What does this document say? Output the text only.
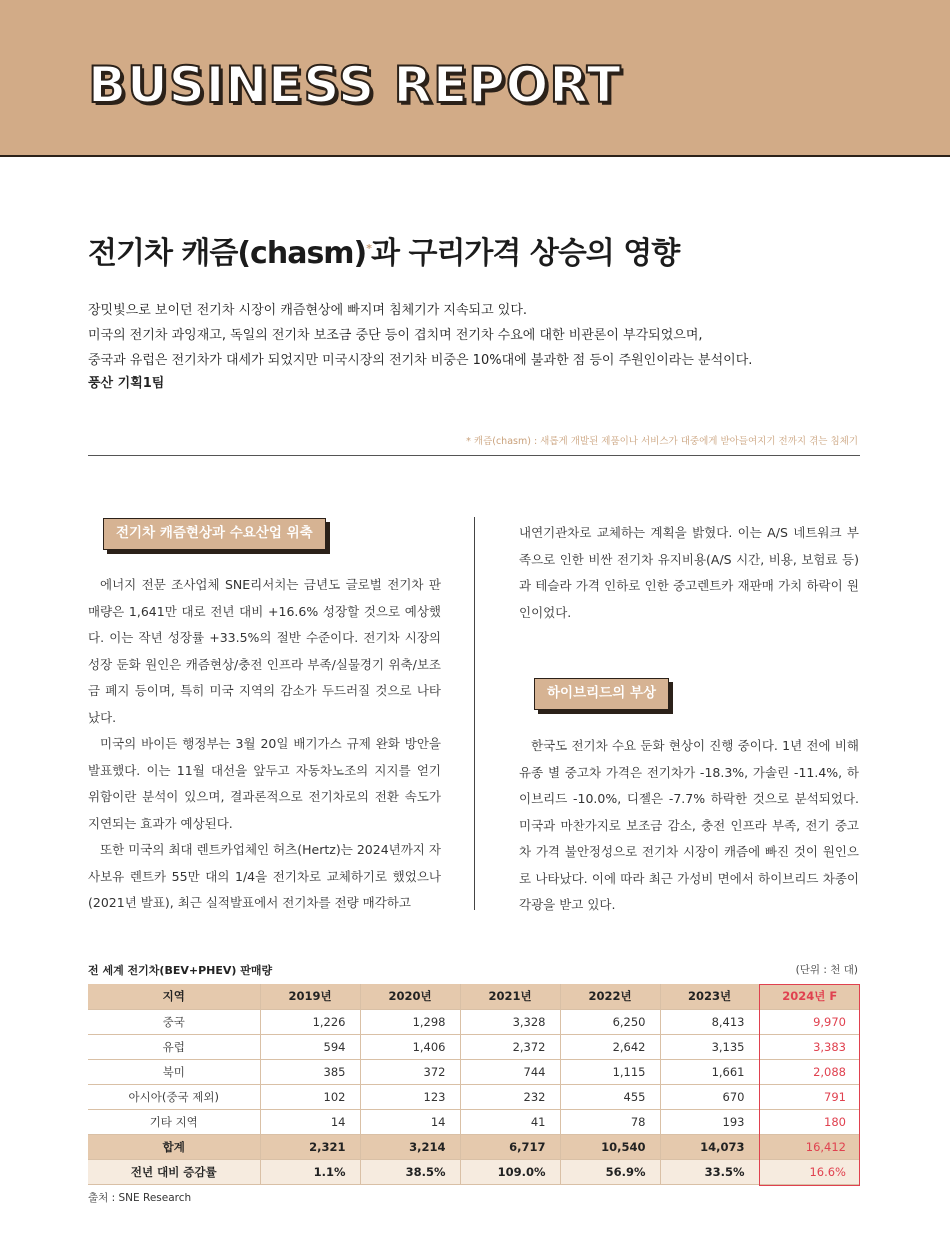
BUSINESS REPORT
전기차 캐즘(chasm)*과 구리가격 상승의 영향
장밋빛으로 보이던 전기차 시장이 캐즘현상에 빠지며 침체기가 지속되고 있다.
미국의 전기차 과잉재고, 독일의 전기차 보조금 중단 등이 겹치며 전기차 수요에 대한 비관론이 부각되었으며,
중국과 유럽은 전기차가 대세가 되었지만 미국시장의 전기차 비중은 10%대에 불과한 점 등이 주원인이라는 분석이다.
풍산 기획1팀
* 캐즘(chasm) : 새롭게 개발된 제품이나 서비스가 대중에게 받아들여지기 전까지 겪는 침체기
전기차 캐즘현상과 수요산업 위축

에너지 전문 조사업체 SNE리서치는 금년도 글로벌 전기차 판매량은 1,641만 대로 전년 대비 +16.6% 성장할 것으로 예상했다. 이는 작년 성장률 +33.5%의 절반 수준이다. 전기차 시장의 성장 둔화 원인은 캐즘현상/충전 인프라 부족/실물경기 위축/보조금 폐지 등이며, 특히 미국 지역의 감소가 두드러질 것으로 나타났다.

미국의 바이든 행정부는 3월 20일 배기가스 규제 완화 방안을 발표했다. 이는 11월 대선을 앞두고 자동차노조의 지지를 얻기 위함이란 분석이 있으며, 결과론적으로 전기차로의 전환 속도가 지연되는 효과가 예상된다.

또한 미국의 최대 렌트카업체인 허츠(Hertz)는 2024년까지 자사보유 렌트카 55만 대의 1/4을 전기차로 교체하기로 했었으나(2021년 발표), 최근 실적발표에서 전기차를 전량 매각하고

내연기관차로 교체하는 계획을 밝혔다. 이는 A/S 네트워크 부족으로 인한 비싼 전기차 유지비용(A/S 시간, 비용, 보험료 등)과 테슬라 가격 인하로 인한 중고렌트카 재판매 가치 하락이 원인이었다.

하이브리드의 부상

한국도 전기차 수요 둔화 현상이 진행 중이다. 1년 전에 비해 유종 별 중고차 가격은 전기차가 -18.3%, 가솔린 -11.4%, 하이브리드 -10.0%, 디젤은 -7.7% 하락한 것으로 분석되었다. 미국과 마찬가지로 보조금 감소, 충전 인프라 부족, 전기 중고차 가격 불안정성으로 전기차 시장이 캐즘에 빠진 것이 원인으로 나타났다. 이에 따라 최근 가성비 면에서 하이브리드 차종이 각광을 받고 있다.

전 세계 전기차(BEV+PHEV) 판매량	(단위 : 천 대)
지역	2019년	2020년	2021년	2022년	2023년	2024년 F
중국	1,226	1,298	3,328	6,250	8,413	9,970
유럽	594	1,406	2,372	2,642	3,135	3,383
북미	385	372	744	1,115	1,661	2,088
아시아(중국 제외)	102	123	232	455	670	791
기타 지역	14	14	41	78	193	180
합계	2,321	3,214	6,717	10,540	14,073	16,412
전년 대비 증감률	1.1%	38.5%	109.0%	56.9%	33.5%	16.6%
출처 : SNE Research
